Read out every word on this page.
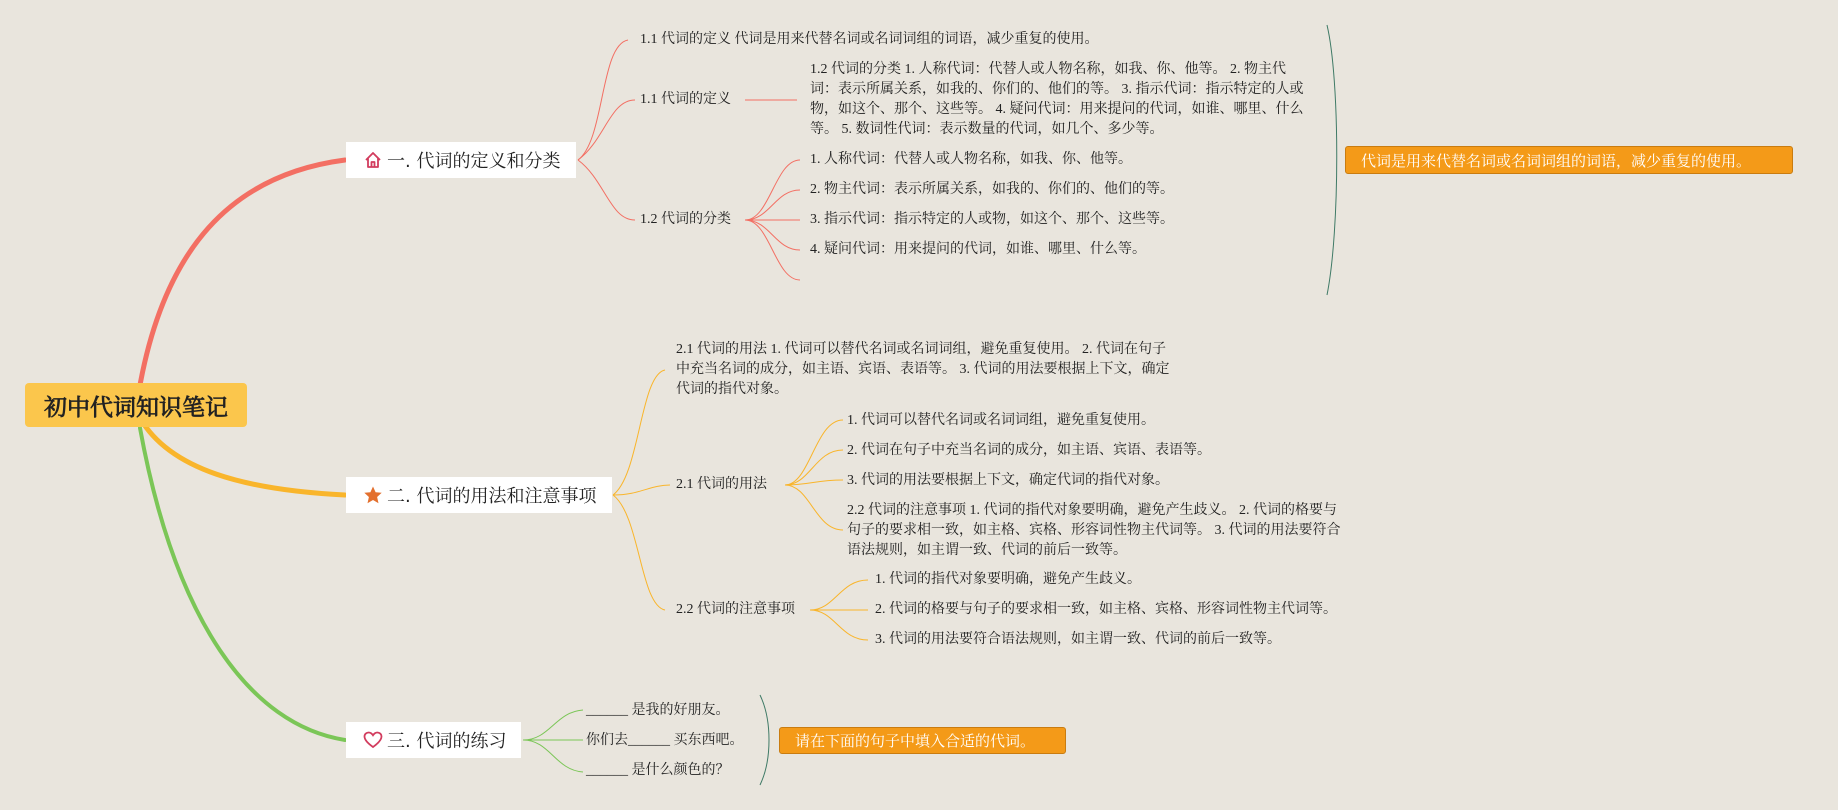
初中代词知识笔记
一. 代词的定义和分类
1.1 代词的定义 代词是用来代替名词或名词词组的词语，减少重复的使用。
1.1 代词的定义
1.2 代词的分类 1. 人称代词：代替人或人物名称，如我、你、他等。 2. 物主代词：表示所属关系，如我的、你们的、他们的等。 3. 指示代词：指示特定的人或物，如这个、那个、这些等。 4. 疑问代词：用来提问的代词，如谁、哪里、什么等。 5. 数词性代词：表示数量的代词，如几个、多少等。
1.2 代词的分类
1. 人称代词：代替人或人物名称，如我、你、他等。
2. 物主代词：表示所属关系，如我的、你们的、他们的等。
3. 指示代词：指示特定的人或物，如这个、那个、这些等。
4. 疑问代词：用来提问的代词，如谁、哪里、什么等。
代词是用来代替名词或名词词组的词语，减少重复的使用。
二. 代词的用法和注意事项
2.1 代词的用法 1. 代词可以替代名词或名词词组，避免重复使用。 2. 代词在句子中充当名词的成分，如主语、宾语、表语等。 3. 代词的用法要根据上下文，确定代词的指代对象。
2.1 代词的用法
1. 代词可以替代名词或名词词组，避免重复使用。
2. 代词在句子中充当名词的成分，如主语、宾语、表语等。
3. 代词的用法要根据上下文，确定代词的指代对象。
2.2 代词的注意事项 1. 代词的指代对象要明确，避免产生歧义。 2. 代词的格要与句子的要求相一致，如主格、宾格、形容词性物主代词等。 3. 代词的用法要符合语法规则，如主谓一致、代词的前后一致等。
2.2 代词的注意事项
1. 代词的指代对象要明确，避免产生歧义。
2. 代词的格要与句子的要求相一致，如主格、宾格、形容词性物主代词等。
3. 代词的用法要符合语法规则，如主谓一致、代词的前后一致等。
三. 代词的练习
______ 是我的好朋友。
你们去______ 买东西吧。
______ 是什么颜色的？
请在下面的句子中填入合适的代词。
